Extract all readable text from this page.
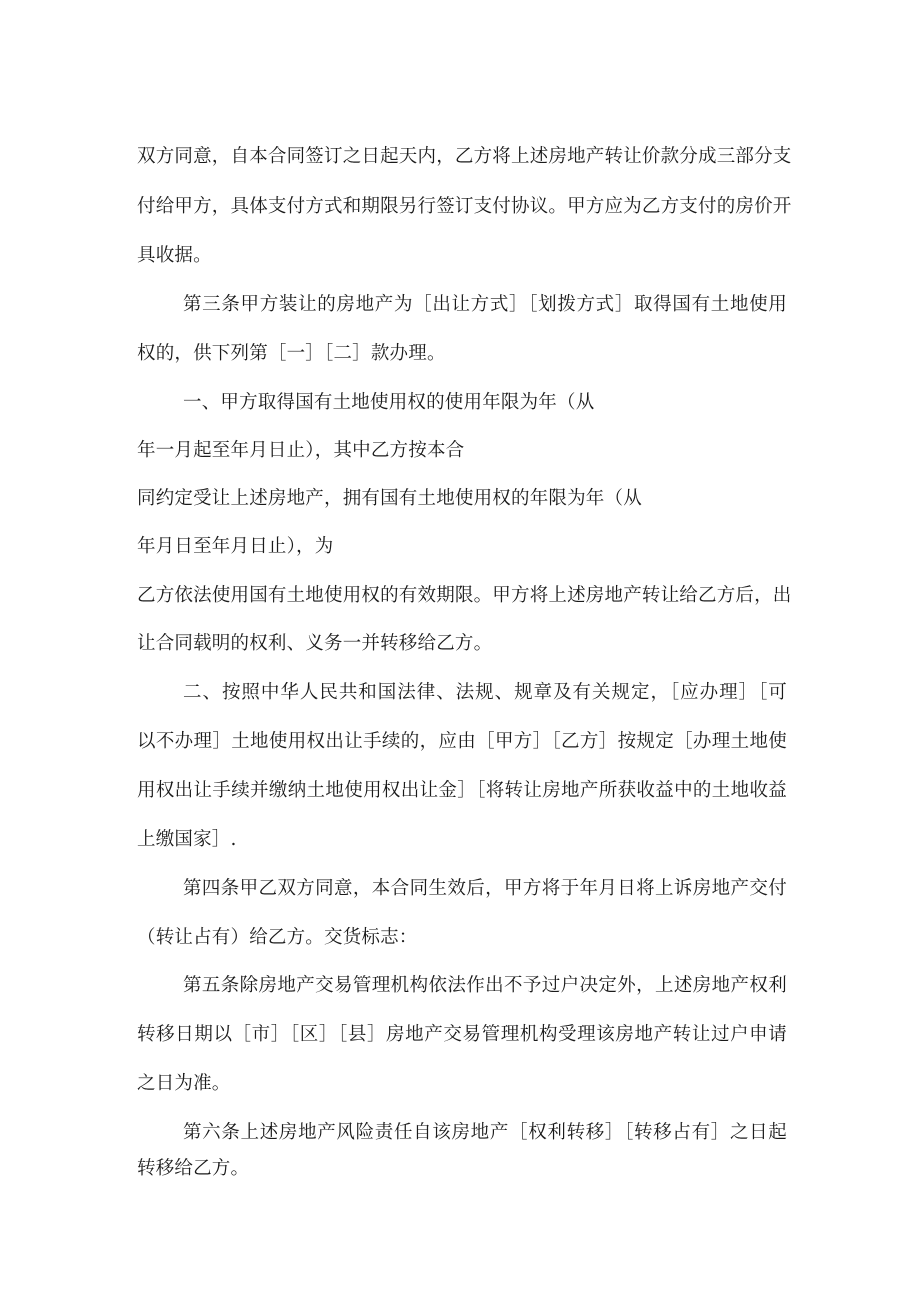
双方同意，自本合同签订之日起天内，乙方将上述房地产转让价款分成三部分支
付给甲方，具体支付方式和期限另行签订支付协议。甲方应为乙方支付的房价开
具收据。
第三条甲方装让的房地产为［出让方式］［划拨方式］取得国有土地使用
权的，供下列第［一］［二］款办理。
一、甲方取得国有土地使用权的使用年限为年（从
年一月起至年月日止），其中乙方按本合
同约定受让上述房地产，拥有国有土地使用权的年限为年（从
年月日至年月日止），为
乙方依法使用国有土地使用权的有效期限。甲方将上述房地产转让给乙方后，出
让合同载明的权利、义务一并转移给乙方。
二、按照中华人民共和国法律、法规、规章及有关规定，［应办理］［可
以不办理］土地使用权出让手续的，应由［甲方］［乙方］按规定［办理土地使
用权出让手续并缴纳土地使用权出让金］［将转让房地产所获收益中的土地收益
上缴国家］.
第四条甲乙双方同意，本合同生效后，甲方将于年月日将上诉房地产交付
（转让占有）给乙方。交货标志：
第五条除房地产交易管理机构依法作出不予过户决定外，上述房地产权利
转移日期以［市］［区］［县］房地产交易管理机构受理该房地产转让过户申请
之日为准。
第六条上述房地产风险责任自该房地产［权利转移］［转移占有］之日起
转移给乙方。
